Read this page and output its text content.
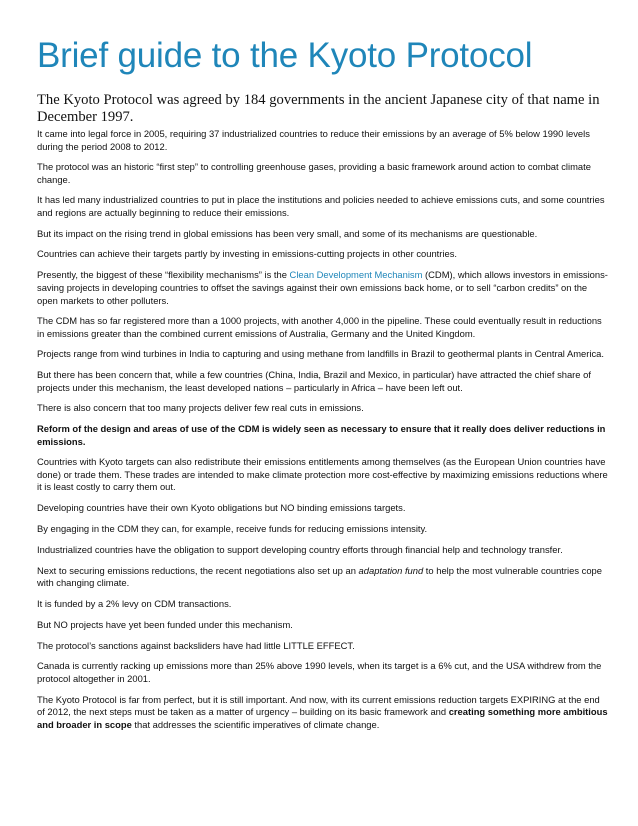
Brief guide to the Kyoto Protocol

The Kyoto Protocol was agreed by 184 governments in the ancient Japanese city of that name in December 1997.

It came into legal force in 2005, requiring 37 industrialized countries to reduce their emissions by an average of 5% below 1990 levels during the period 2008 to 2012.

The protocol was an historic “first step” to controlling greenhouse gases, providing a basic framework around action to combat climate change.

It has led many industrialized countries to put in place the institutions and policies needed to achieve emissions cuts, and some countries and regions are actually beginning to reduce their emissions.

But its impact on the rising trend in global emissions has been very small, and some of its mechanisms are questionable.

Countries can achieve their targets partly by investing in emissions-cutting projects in other countries.

Presently, the biggest of these “flexibility mechanisms” is the Clean Development Mechanism (CDM), which allows investors in emissions-saving projects in developing countries to offset the savings against their own emissions back home, or to sell “carbon credits” on the open markets to other polluters.

The CDM has so far registered more than a 1000 projects, with another 4,000 in the pipeline. These could eventually result in reductions in emissions greater than the combined current emissions of Australia, Germany and the United Kingdom.

Projects range from wind turbines in India to capturing and using methane from landfills in Brazil to geothermal plants in Central America.

But there has been concern that, while a few countries (China, India, Brazil and Mexico, in particular) have attracted the chief share of projects under this mechanism, the least developed nations – particularly in Africa – have been left out.

There is also concern that too many projects deliver few real cuts in emissions.

Reform of the design and areas of use of the CDM is widely seen as necessary to ensure that it really does deliver reductions in emissions.

Countries with Kyoto targets can also redistribute their emissions entitlements among themselves (as the European Union countries have done) or trade them. These trades are intended to make climate protection more cost-effective by maximizing emissions reductions where it is least costly to carry them out.

Developing countries have their own Kyoto obligations but NO binding emissions targets.

By engaging in the CDM they can, for example, receive funds for reducing emissions intensity.

Industrialized countries have the obligation to support developing country efforts through financial help and technology transfer.

Next to securing emissions reductions, the recent negotiations also set up an adaptation fund to help the most vulnerable countries cope with changing climate.

It is funded by a 2% levy on CDM transactions.

But NO projects have yet been funded under this mechanism.

The protocol’s sanctions against backsliders have had little LITTLE EFFECT.

Canada is currently racking up emissions more than 25% above 1990 levels, when its target is a 6% cut, and the USA withdrew from the protocol altogether in 2001.

The Kyoto Protocol is far from perfect, but it is still important. And now, with its current emissions reduction targets EXPIRING at the end of 2012, the next steps must be taken as a matter of urgency – building on its basic framework and creating something more ambitious and broader in scope that addresses the scientific imperatives of climate change.
